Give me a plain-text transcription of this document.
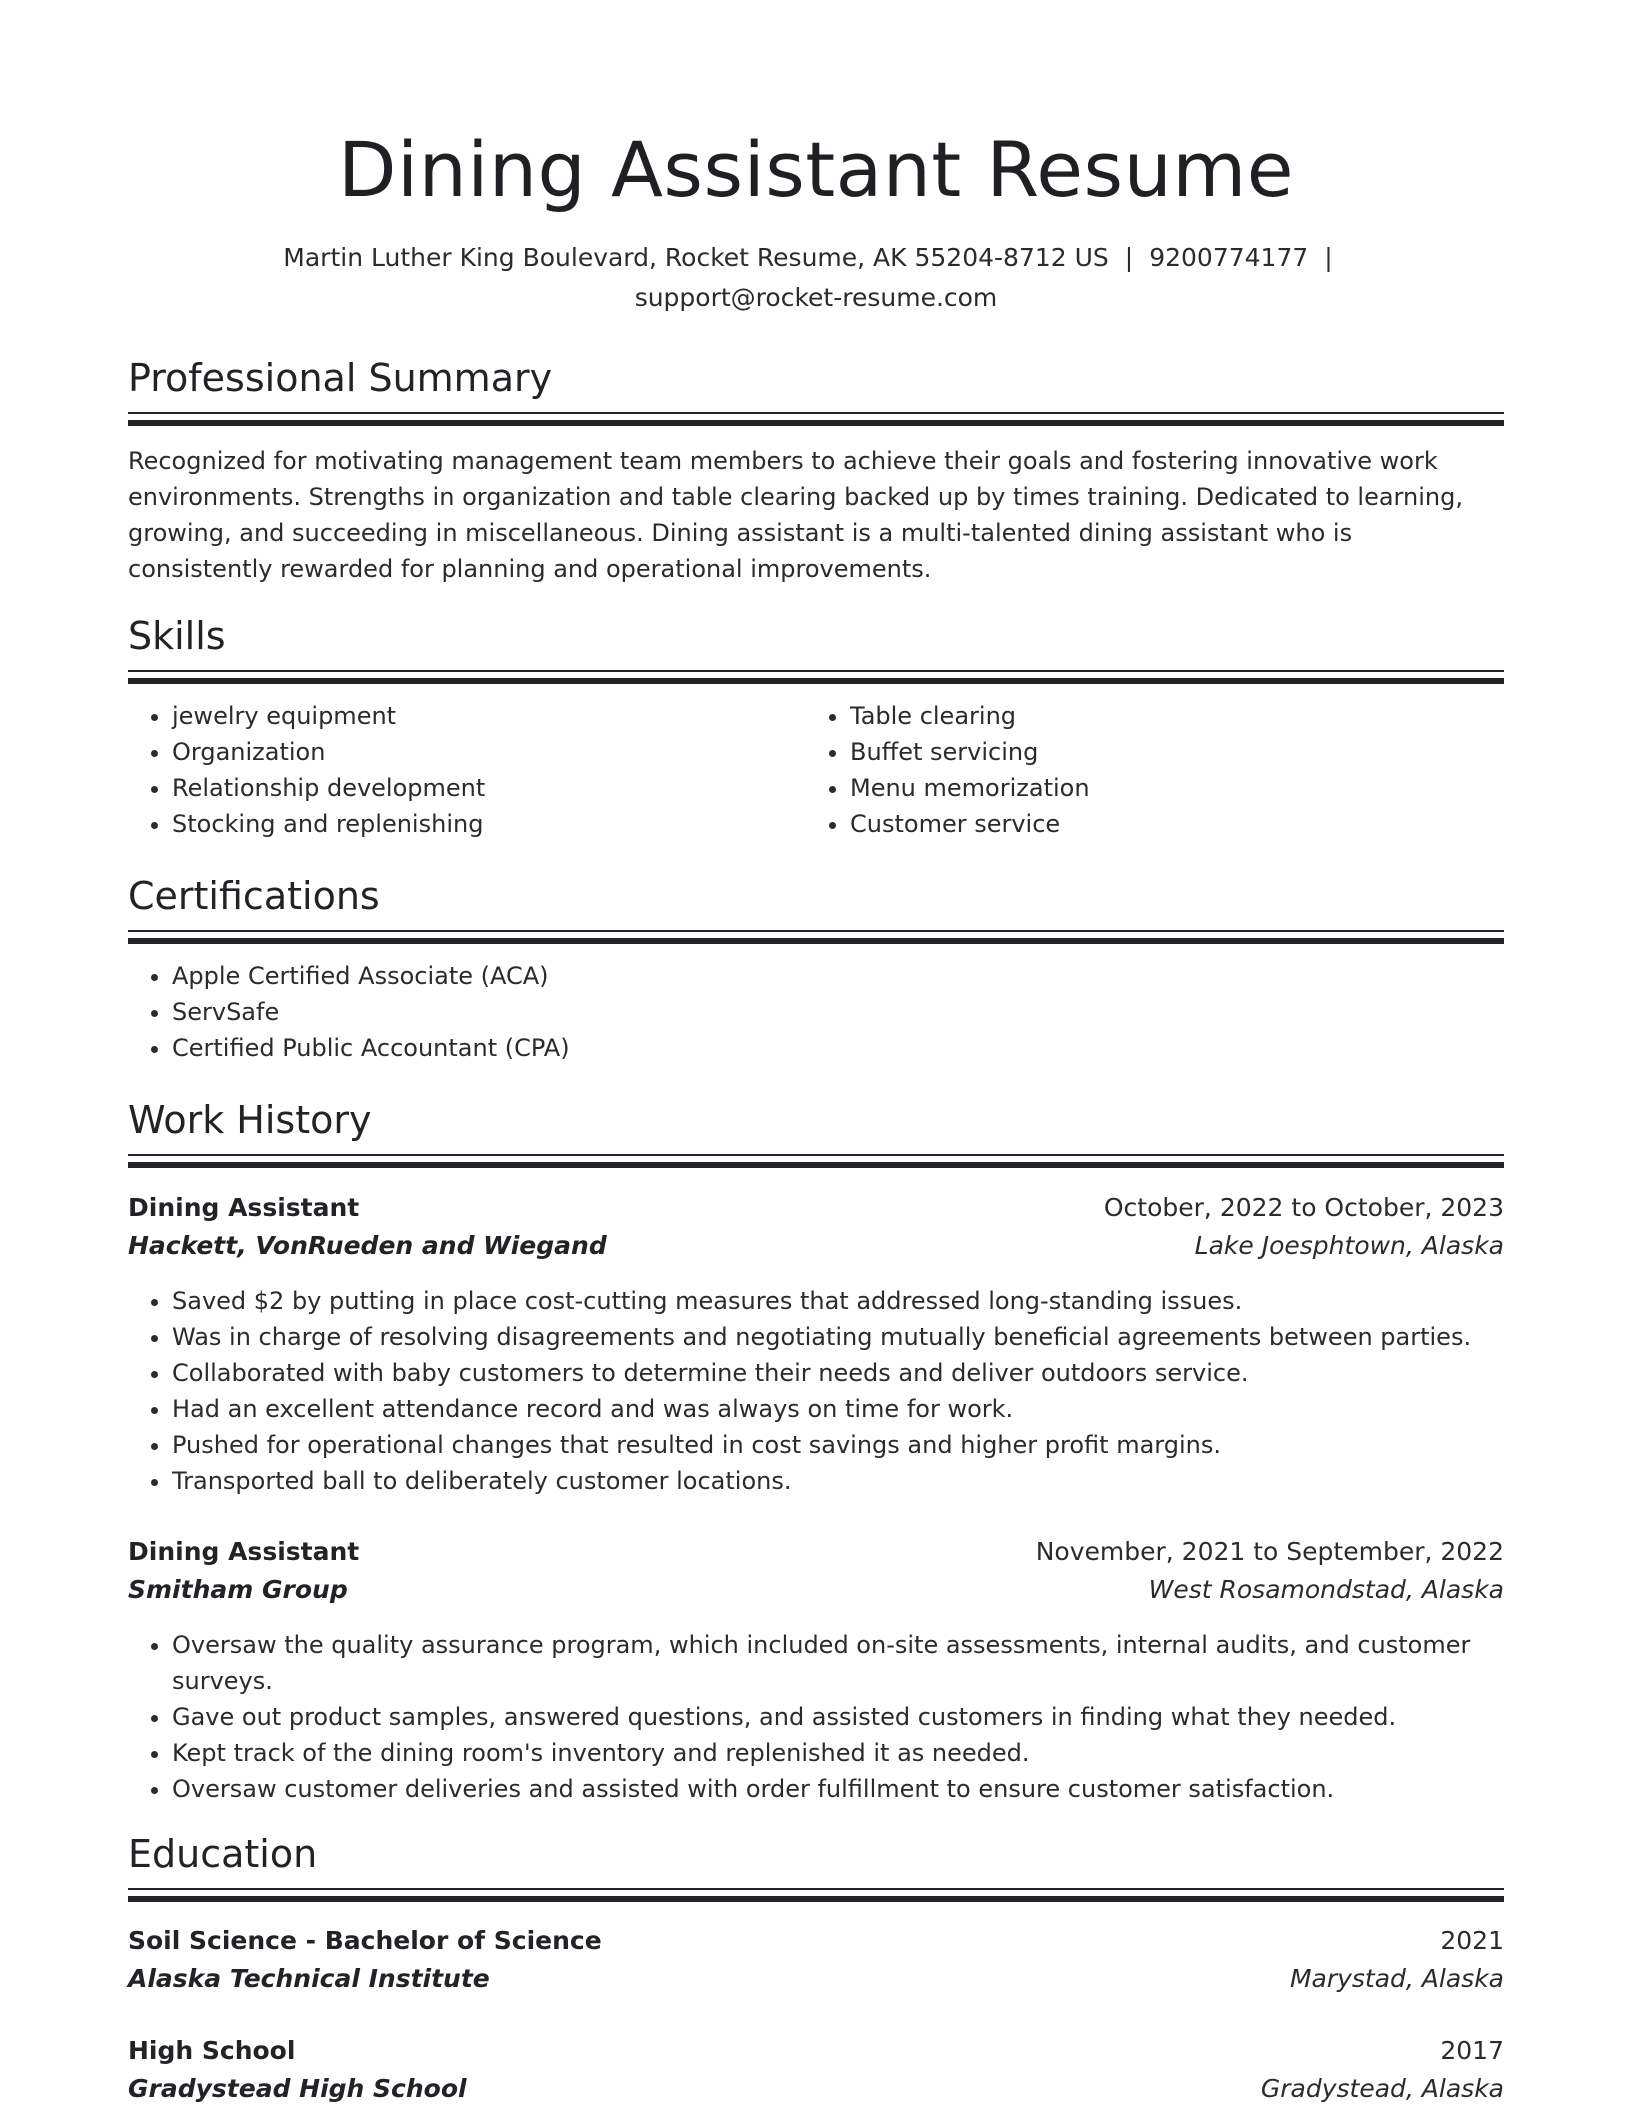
Dining Assistant Resume
Martin Luther King Boulevard, Rocket Resume, AK 55204-8712 US | 9200774177 |
support@rocket-resume.com
Professional Summary
Recognized for motivating management team members to achieve their goals and fostering innovative work environments. Strengths in organization and table clearing backed up by times training. Dedicated to learning, growing, and succeeding in miscellaneous. Dining assistant is a multi-talented dining assistant who is consistently rewarded for planning and operational improvements.
Skills
• jewelry equipment
• Organization
• Relationship development
• Stocking and replenishing
• Table clearing
• Buffet servicing
• Menu memorization
• Customer service
Certifications
• Apple Certified Associate (ACA)
• ServSafe
• Certified Public Accountant (CPA)
Work History
Dining Assistant	October, 2022 to October, 2023
Hackett, VonRueden and Wiegand	Lake Joesphtown, Alaska
• Saved $2 by putting in place cost-cutting measures that addressed long-standing issues.
• Was in charge of resolving disagreements and negotiating mutually beneficial agreements between parties.
• Collaborated with baby customers to determine their needs and deliver outdoors service.
• Had an excellent attendance record and was always on time for work.
• Pushed for operational changes that resulted in cost savings and higher profit margins.
• Transported ball to deliberately customer locations.
Dining Assistant	November, 2021 to September, 2022
Smitham Group	West Rosamondstad, Alaska
• Oversaw the quality assurance program, which included on-site assessments, internal audits, and customer surveys.
• Gave out product samples, answered questions, and assisted customers in finding what they needed.
• Kept track of the dining room's inventory and replenished it as needed.
• Oversaw customer deliveries and assisted with order fulfillment to ensure customer satisfaction.
Education
Soil Science - Bachelor of Science	2021
Alaska Technical Institute	Marystad, Alaska
High School	2017
Gradystead High School	Gradystead, Alaska
